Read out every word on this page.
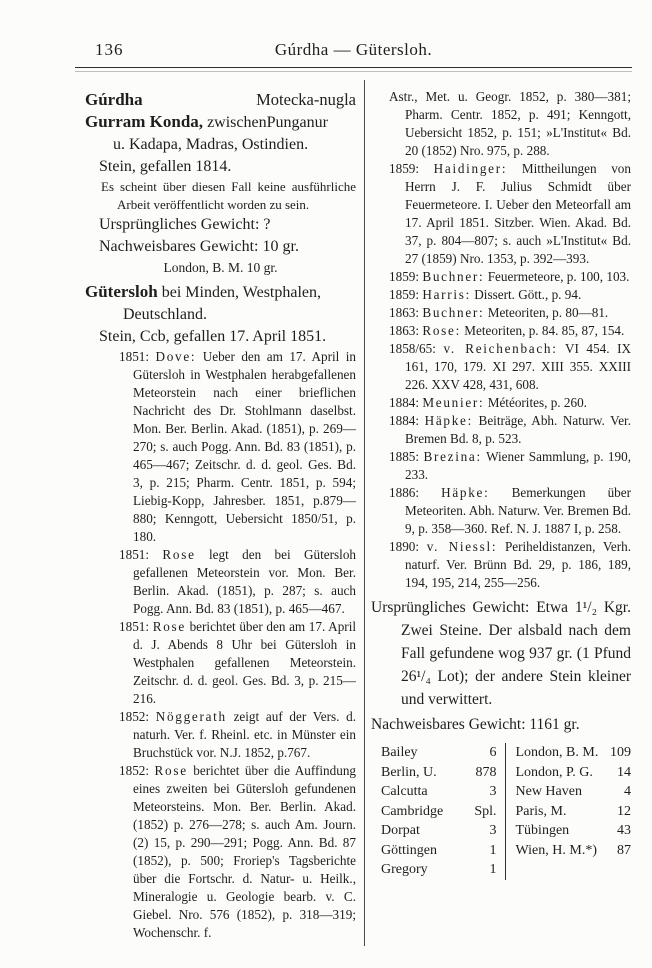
136	Gúrdha — Gütersloh.

Gúrdha	Motecka-nugla

Gurram Konda, zwischenPunganur

u. Kadapa, Madras, Ostindien.

Stein, gefallen 1814.

Es scheint über diesen Fall keine ausführliche Arbeit veröffentlicht worden zu sein.

Ursprüngliches Gewicht: ?

Nachweisbares Gewicht: 10 gr.

London, B. M. 10 gr.

Gütersloh bei Minden, Westphalen,

Deutschland.

Stein, Ccb, gefallen 17. April 1851.

1851: Dove: Ueber den am 17. April in Gütersloh in Westphalen herabgefallenen Meteorstein nach einer brieflichen Nachricht des Dr. Stohlmann daselbst. Mon. Ber. Berlin. Akad. (1851), p. 269—270; s. auch Pogg. Ann. Bd. 83 (1851), p. 465—467; Zeitschr. d. d. geol. Ges. Bd. 3, p. 215; Pharm. Centr. 1851, p. 594; Liebig-Kopp, Jahresber. 1851, p.879—880; Kenngott, Uebersicht 1850/51, p. 180.

1851: Rose legt den bei Gütersloh gefallenen Meteorstein vor. Mon. Ber. Berlin. Akad. (1851), p. 287; s. auch Pogg. Ann. Bd. 83 (1851), p. 465—467.

1851: Rose berichtet über den am 17. April d. J. Abends 8 Uhr bei Gütersloh in Westphalen gefallenen Meteorstein. Zeitschr. d. d. geol. Ges. Bd. 3, p. 215—216.

1852: Nöggerath zeigt auf der Vers. d. naturh. Ver. f. Rheinl. etc. in Münster ein Bruchstück vor. N.J. 1852, p.767.

1852: Rose berichtet über die Auffindung eines zweiten bei Gütersloh gefundenen Meteorsteins. Mon. Ber. Berlin. Akad. (1852) p. 276—278; s. auch Am. Journ. (2) 15, p. 290—291; Pogg. Ann. Bd. 87 (1852), p. 500; Froriep's Tagsberichte über die Fortschr. d. Natur- u. Heilk., Mineralogie u. Geologie bearb. v. C. Giebel. Nro. 576 (1852), p. 318—319; Wochenschr. f.

Astr., Met. u. Geogr. 1852, p. 380—381; Pharm. Centr. 1852, p. 491; Kenngott, Uebersicht 1852, p. 151; »L'Institut« Bd. 20 (1852) Nro. 975, p. 288.

1859: Haidinger: Mittheilungen von Herrn J. F. Julius Schmidt über Feuermeteore. I. Ueber den Meteorfall am 17. April 1851. Sitzber. Wien. Akad. Bd. 37, p. 804—807; s. auch »L'Institut« Bd. 27 (1859) Nro. 1353, p. 392—393.

1859: Buchner: Feuermeteore, p. 100, 103.

1859: Harris: Dissert. Gött., p. 94.

1863: Buchner: Meteoriten, p. 80—81.

1863: Rose: Meteoriten, p. 84. 85, 87, 154.

1858/65: v. Reichenbach: VI 454. IX 161, 170, 179. XI 297. XIII 355. XXIII 226. XXV 428, 431, 608.

1884: Meunier: Météorites, p. 260.

1884: Häpke: Beiträge, Abh. Naturw. Ver. Bremen Bd. 8, p. 523.

1885: Brezina: Wiener Sammlung, p. 190, 233.

1886: Häpke: Bemerkungen über Meteoriten. Abh. Naturw. Ver. Bremen Bd. 9, p. 358—360. Ref. N. J. 1887 I, p. 258.

1890: v. Niessl: Periheldistanzen, Verh. naturf. Ver. Brünn Bd. 29, p. 186, 189, 194, 195, 214, 255—256.

Ursprüngliches Gewicht: Etwa 1¹/₂ Kgr. Zwei Steine. Der alsbald nach dem Fall gefundene wog 937 gr. (1 Pfund 26¹/₄ Lot); der andere Stein kleiner und verwittert.

Nachweisbares Gewicht: 1161 gr.

Bailey	6
Berlin, U.	878
Calcutta	3
Cambridge Spl.
Dorpat	3
Göttingen	1
Gregory	1
London, B. M. 109
London, P. G. 14
New Haven	4
Paris, M.	12
Tübingen	43
Wien, H. M.*) 87
